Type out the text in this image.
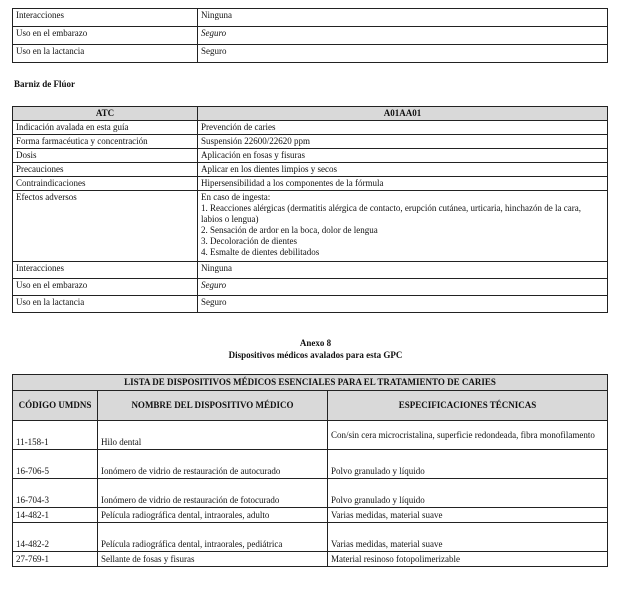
Interacciones	Ninguna
Uso en el embarazo	Seguro
Uso en la lactancia	Seguro
Barniz de Flúor
ATC	A01AA01
Indicación avalada en esta guía	Prevención de caries
Forma farmacéutica y concentración	Suspensión 22600/22620 ppm
Dosis	Aplicación en fosas y fisuras
Precauciones	Aplicar en los dientes limpios y secos
Contraindicaciones	Hipersensibilidad a los componentes de la fórmula
Efectos adversos	En caso de ingesta:
1. Reacciones alérgicas (dermatitis alérgica de contacto, erupción cutánea, urticaria, hinchazón de la cara, labios o lengua)
2. Sensación de ardor en la boca, dolor de lengua
3. Decoloración de dientes
4. Esmalte de dientes debilitados

Interacciones	Ninguna
Uso en el embarazo	Seguro
Uso en la lactancia	Seguro
Anexo 8
Dispositivos médicos avalados para esta GPC
LISTA DE DISPOSITIVOS MÉDICOS ESENCIALES PARA EL TRATAMIENTO DE CARIES		
CÓDIGO UMDNS	NOMBRE DEL DISPOSITIVO MÉDICO	ESPECIFICACIONES TÉCNICAS
11-158-1	Hilo dental	Con/sin cera microcristalina, superficie redondeada, fibra monofilamento
16-706-5	Ionómero de vidrio de restauración de autocurado	Polvo granulado y líquido
16-704-3	Ionómero de vidrio de restauración de fotocurado	Polvo granulado y líquido
14-482-1	Película radiográfica dental, intraorales, adulto	Varias medidas, material suave
14-482-2	Película radiográfica dental, intraorales, pediátrica	Varias medidas, material suave
27-769-1	Sellante de fosas y fisuras	Material resinoso fotopolimerizable
